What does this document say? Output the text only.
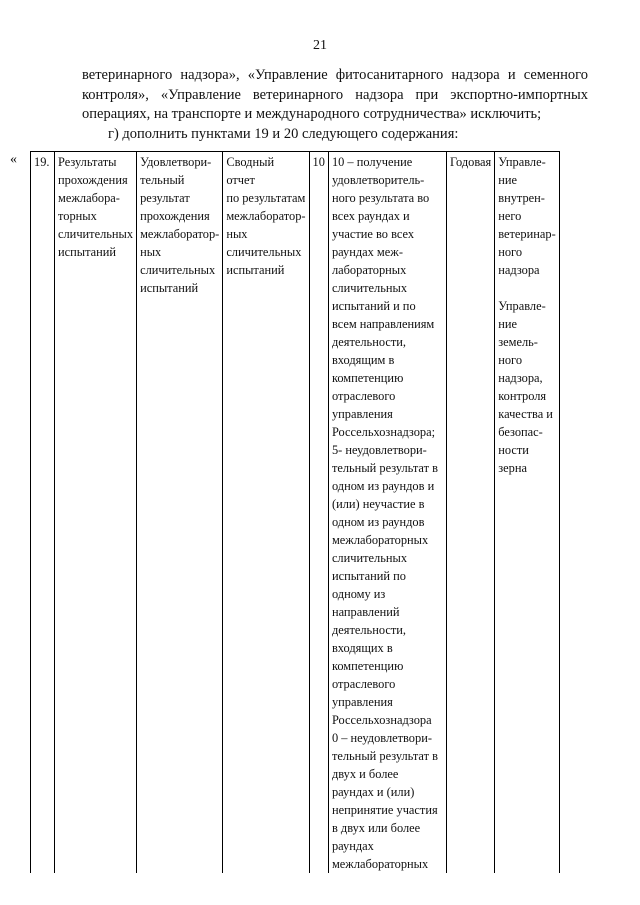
21
ветеринарного надзора», «Управление фитосанитарного надзора и семенного контроля», «Управление ветеринарного надзора при экспортно-импортных операциях, на транспорте и международного сотрудничества» исключить;
г) дополнить пунктами 19 и 20 следующего содержания:
« 19.	Результаты
прохождения
межлабора-
торных
сличительных
испытаний	Удовлетвори-
тельный
результат
прохождения
межлаборатор-
ных
сличительных
испытаний	Сводный отчет
по результатам
межлаборатор-
ных
сличительных
испытаний	10	10 – получение
удовлетворитель-
ного результата во
всех раундах и
участие во всех
раундах меж-
лабораторных
сличительных
испытаний и по
всем направлениям
деятельности,
входящим в
компетенцию
отраслевого
управления
Россельхознадзора;
5- неудовлетвори-
тельный результат в
одном из раундов и
(или) неучастие в
одном из раундов
межлабораторных
сличительных
испытаний по
одному из
направлений
деятельности,
входящих в
компетенцию
отраслевого
управления
Россельхознадзора
0 – неудовлетвори-
тельный результат в
двух и более
раундах и (или)
непринятие участия
в двух или более
раундах
межлабораторных	Годовая	Управле-
ние
внутрен-
него
ветеринар-
ного
надзора
Управле-
ние
земель-
ного
надзора,
контроля
качества и
безопас-
ности
зерна
